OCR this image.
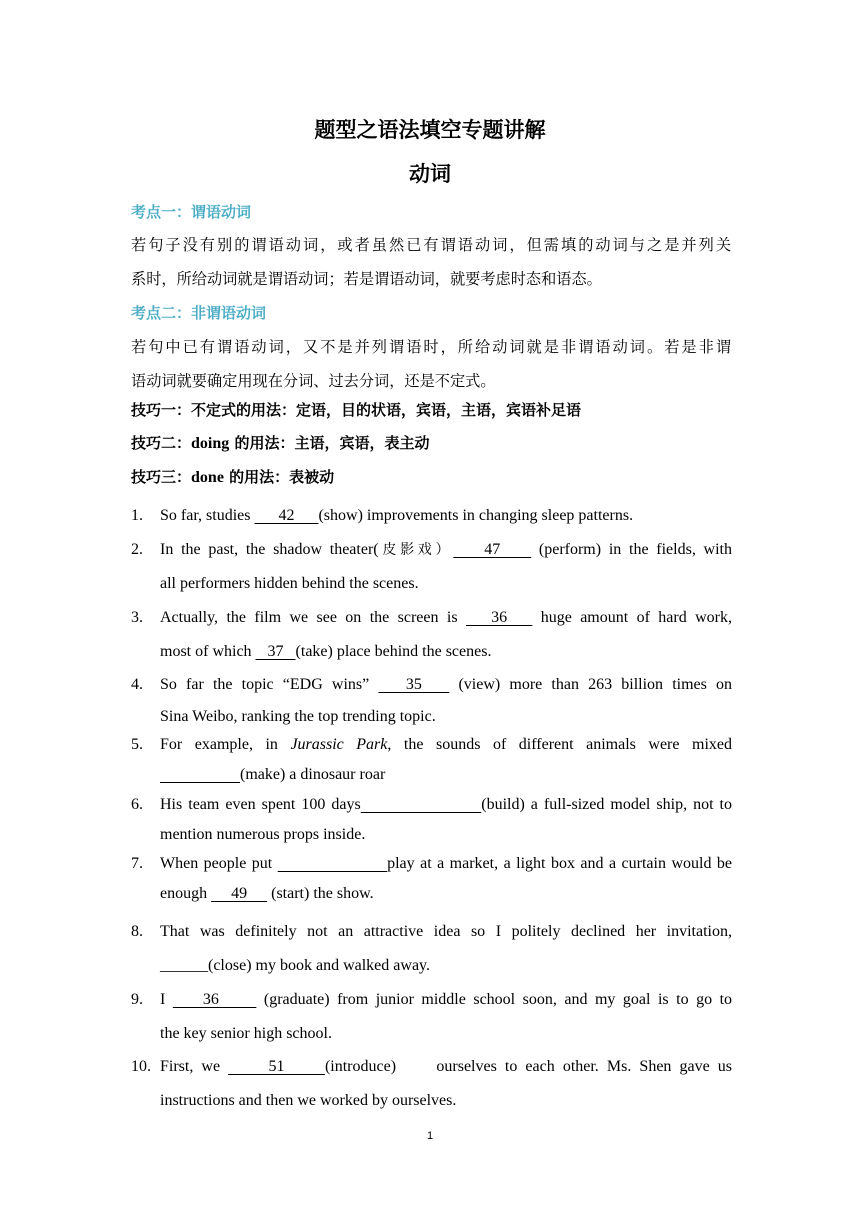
题型之语法填空专题讲解
动词
考点一：谓语动词
若句子没有别的谓语动词，或者虽然已有谓语动词，但需填的动词与之是并列关
系时，所给动词就是谓语动词；若是谓语动词，就要考虑时态和语态。
考点二：非谓语动词
若句中已有谓语动词，又不是并列谓语时，所给动词就是非谓语动词。若是非谓
语动词就要确定用现在分词、过去分词，还是不定式。
技巧一：不定式的用法：定语，目的状语，宾语，主语，宾语补足语
技巧二：doing 的用法：主语，宾语，表主动
技巧三：done 的用法：表被动
1. So far, studies       42      (show) improvements in changing sleep patterns.
2. In the past, the shadow theater(皮影戏）    47     (perform) in the fields, with
all performers hidden behind the scenes.
3. Actually, the film we see on the screen is    36    huge amount of hard work,
most of which    37   (take) place behind the scenes.
4. So far the topic “EDG wins”    35    (view) more than 263 billion times on
Sina Weibo, ranking the top trending topic.
5. For example, in Jurassic Park, the sounds of different animals were mixed
(make) a dinosaur roar
6. His team even spent 100 days	(build) a full-sized model ship, not to
mention numerous props inside.
7. When people put	play at a market, a light box and a curtain would be
enough      49      (start) the show.
8. That was definitely not an attractive idea so I politely declined her invitation,
______(close) my book and walked away.
9. I     36      (graduate) from junior middle school soon, and my goal is to go to
the key senior high school.
10. First, we      51     (introduce)     ourselves to each other. Ms. Shen gave us
instructions and then we worked by ourselves.
1
